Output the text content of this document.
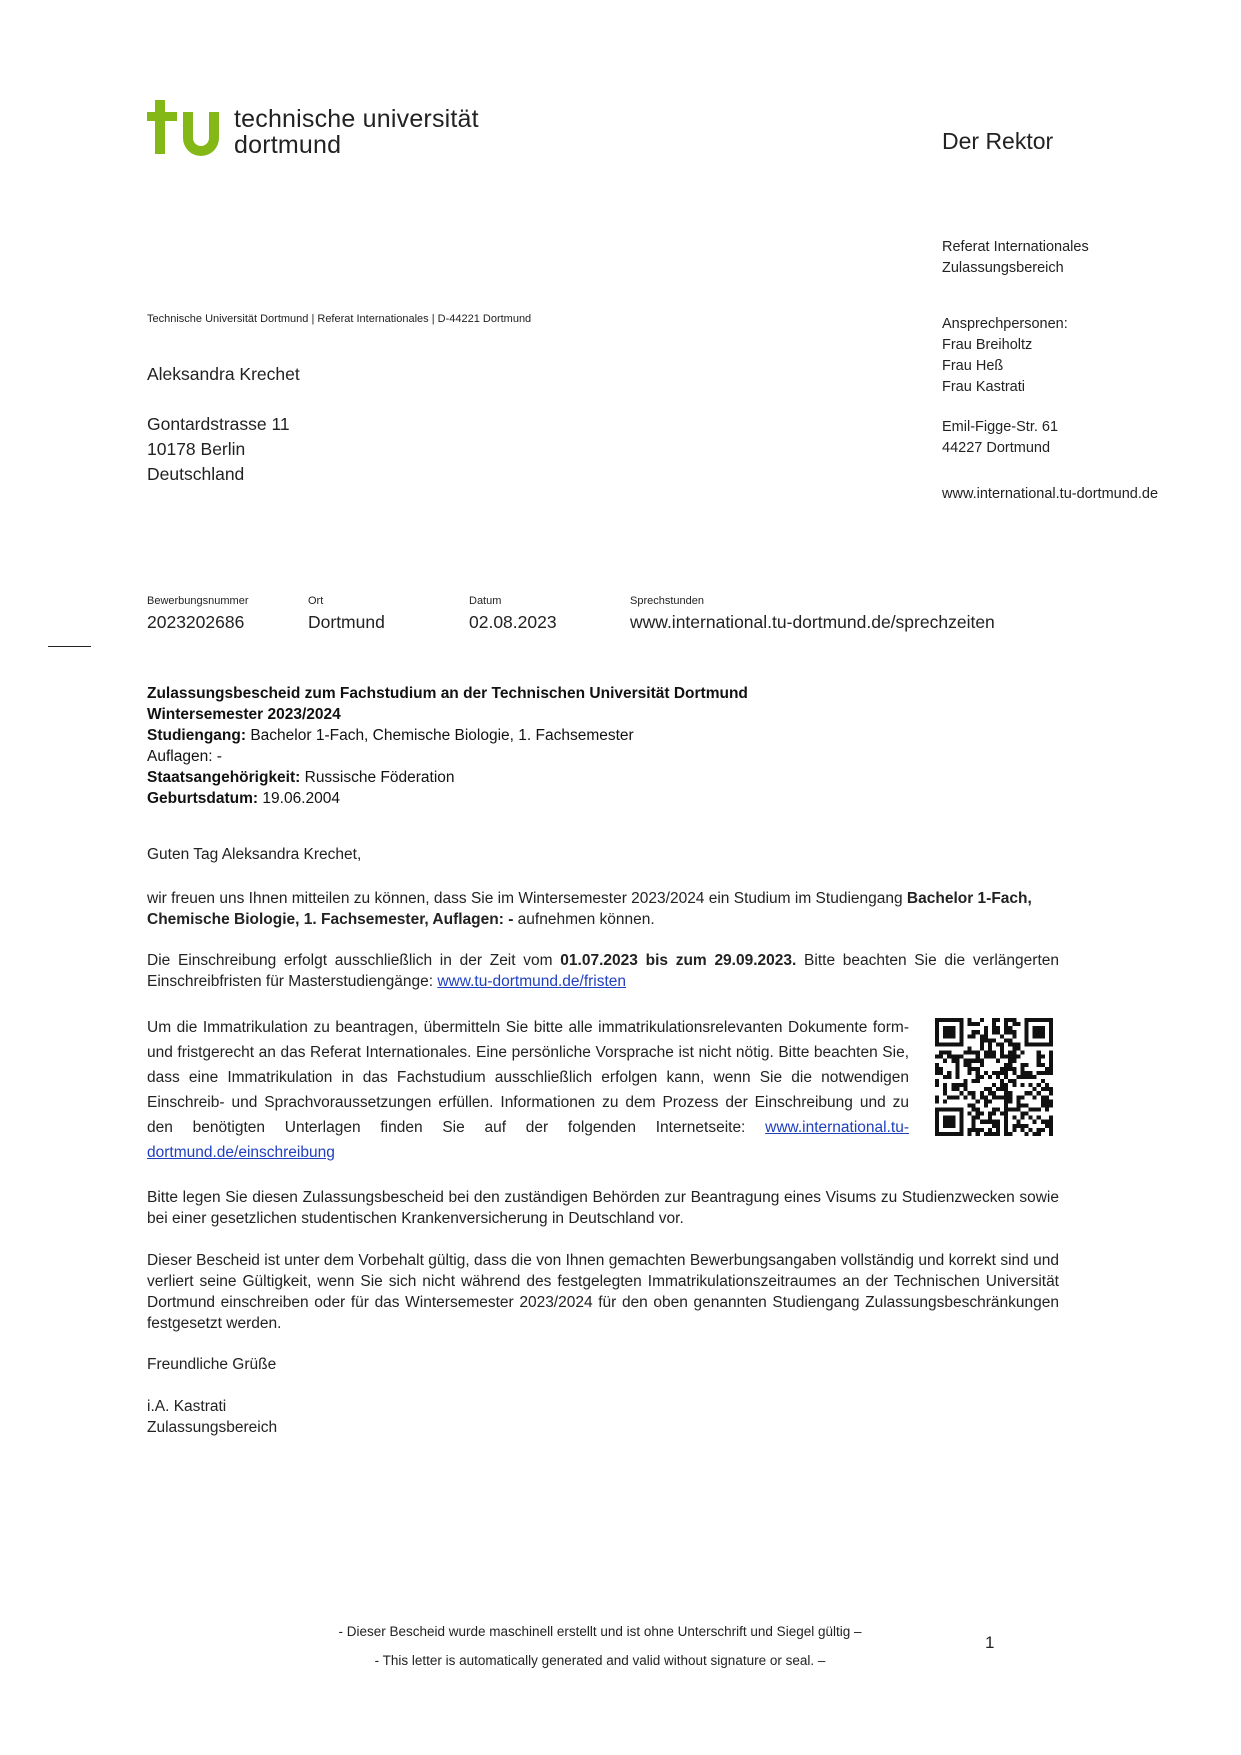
technische universität
dortmund	Der Rektor
Referat Internationales
Zulassungsbereich
Ansprechpersonen:
Frau Breiholtz
Frau Heß
Frau Kastrati
Emil-Figge-Str. 61
44227 Dortmund
www.international.tu-dortmund.de
Technische Universität Dortmund | Referat Internationales | D-44221 Dortmund
Aleksandra Krechet
Gontardstrasse 11
10178 Berlin
Deutschland
Bewerbungsnummer
2023202686
Ort
Dortmund
Datum
02.08.2023
Sprechstunden
www.international.tu-dortmund.de/sprechzeiten
Zulassungsbescheid zum Fachstudium an der Technischen Universität Dortmund
Wintersemester 2023/2024
Studiengang: Bachelor 1-Fach, Chemische Biologie, 1. Fachsemester
Auflagen: -
Staatsangehörigkeit: Russische Föderation
Geburtsdatum: 19.06.2004
Guten Tag Aleksandra Krechet,
wir freuen uns Ihnen mitteilen zu können, dass Sie im Wintersemester 2023/2024 ein Studium im Studiengang Bachelor 1-Fach, Chemische Biologie, 1. Fachsemester, Auflagen: - aufnehmen können.
Die Einschreibung erfolgt ausschließlich in der Zeit vom 01.07.2023 bis zum 29.09.2023. Bitte beachten Sie die verlängerten Einschreibfristen für Masterstudiengänge: www.tu-dortmund.de/fristen
Um die Immatrikulation zu beantragen, übermitteln Sie bitte alle immatrikulationsrelevanten Dokumente form- und fristgerecht an das Referat Internationales. Eine persönliche Vorsprache ist nicht nötig. Bitte beachten Sie, dass eine Immatrikulation in das Fachstudium ausschließlich erfolgen kann, wenn Sie die notwendigen Einschreib- und Sprachvoraussetzungen erfüllen. Informationen zu dem Prozess der Einschreibung und zu den benötigten Unterlagen finden Sie auf der folgenden Internetseite: www.international.tu-dortmund.de/einschreibung
Bitte legen Sie diesen Zulassungsbescheid bei den zuständigen Behörden zur Beantragung eines Visums zu Studienzwecken sowie bei einer gesetzlichen studentischen Krankenversicherung in Deutschland vor.
Dieser Bescheid ist unter dem Vorbehalt gültig, dass die von Ihnen gemachten Bewerbungsangaben vollständig und korrekt sind und verliert seine Gültigkeit, wenn Sie sich nicht während des festgelegten Immatrikulationszeitraumes an der Technischen Universität Dortmund einschreiben oder für das Wintersemester 2023/2024 für den oben genannten Studiengang Zulassungsbeschränkungen festgesetzt werden.
Freundliche Grüße
i.A. Kastrati
Zulassungsbereich
- Dieser Bescheid wurde maschinell erstellt und ist ohne Unterschrift und Siegel gültig –
- This letter is automatically generated and valid without signature or seal. –
1
